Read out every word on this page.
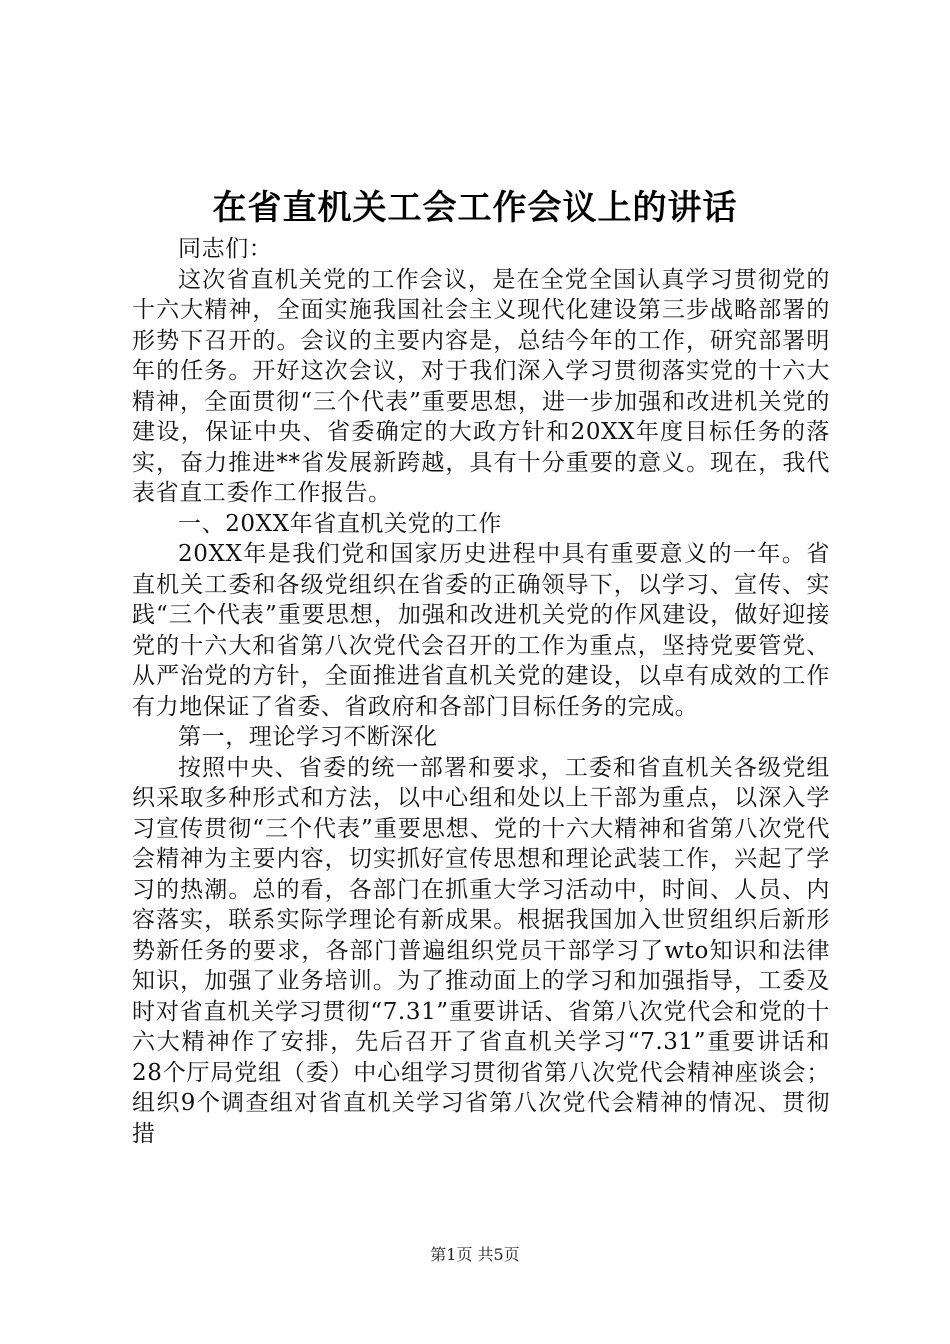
在省直机关工会工作会议上的讲话

同志们：

这次省直机关党的工作会议，是在全党全国认真学习贯彻党的十六大精神，全面实施我国社会主义现代化建设第三步战略部署的形势下召开的。会议的主要内容是，总结今年的工作，研究部署明年的任务。开好这次会议，对于我们深入学习贯彻落实党的十六大精神，全面贯彻“三个代表”重要思想，进一步加强和改进机关党的建设，保证中央、省委确定的大政方针和20XX年度目标任务的落实，奋力推进**省发展新跨越，具有十分重要的意义。现在，我代表省直工委作工作报告。

一、20XX年省直机关党的工作

20XX年是我们党和国家历史进程中具有重要意义的一年。省直机关工委和各级党组织在省委的正确领导下，以学习、宣传、实践“三个代表”重要思想，加强和改进机关党的作风建设，做好迎接党的十六大和省第八次党代会召开的工作为重点，坚持党要管党、从严治党的方针，全面推进省直机关党的建设，以卓有成效的工作有力地保证了省委、省政府和各部门目标任务的完成。

第一，理论学习不断深化

按照中央、省委的统一部署和要求，工委和省直机关各级党组织采取多种形式和方法，以中心组和处以上干部为重点，以深入学习宣传贯彻“三个代表”重要思想、党的十六大精神和省第八次党代会精神为主要内容，切实抓好宣传思想和理论武装工作，兴起了学习的热潮。总的看，各部门在抓重大学习活动中，时间、人员、内容落实，联系实际学理论有新成果。根据我国加入世贸组织后新形势新任务的要求，各部门普遍组织党员干部学习了wto知识和法律知识，加强了业务培训。为了推动面上的学习和加强指导，工委及时对省直机关学习贯彻“7.31”重要讲话、省第八次党代会和党的十六大精神作了安排，先后召开了省直机关学习“7.31”重要讲话和28个厅局党组（委）中心组学习贯彻省第八次党代会精神座谈会；组织9个调查组对省直机关学习省第八次党代会精神的情况、贯彻措

第1页 共5页
